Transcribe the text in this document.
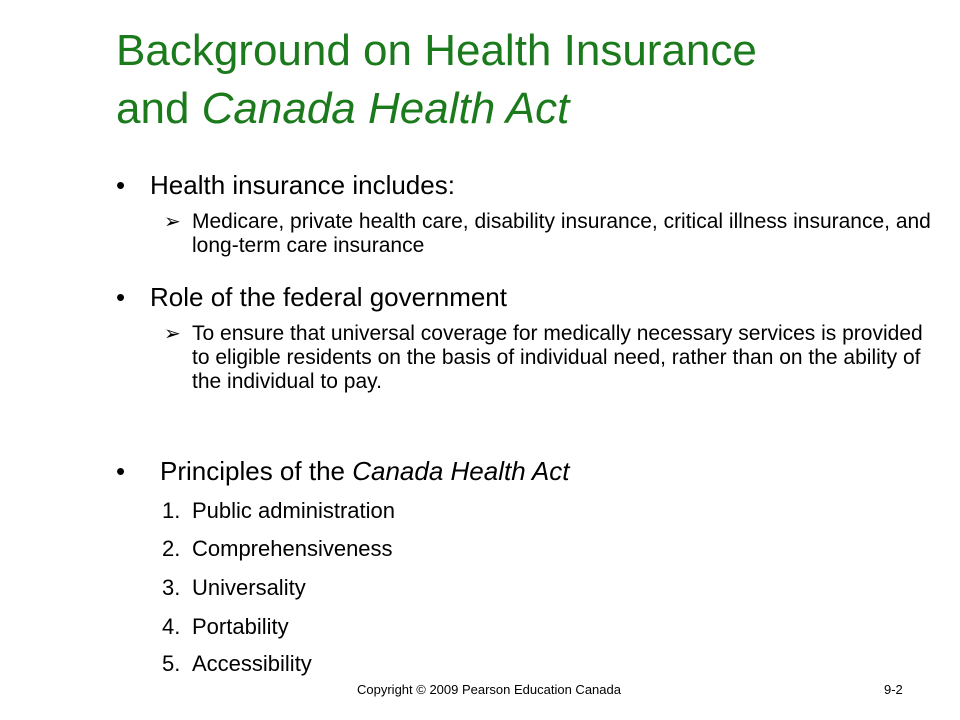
Background on Health Insurance
and Canada Health Act
• Health insurance includes:
➢ Medicare, private health care, disability insurance, critical illness insurance, and long-term care insurance
• Role of the federal government
➢ To ensure that universal coverage for medically necessary services is provided to eligible residents on the basis of individual need, rather than on the ability of the individual to pay.
• Principles of the Canada Health Act
1. Public administration
2. Comprehensiveness
3. Universality
4. Portability
5. Accessibility
Copyright © 2009 Pearson Education Canada	9-2
